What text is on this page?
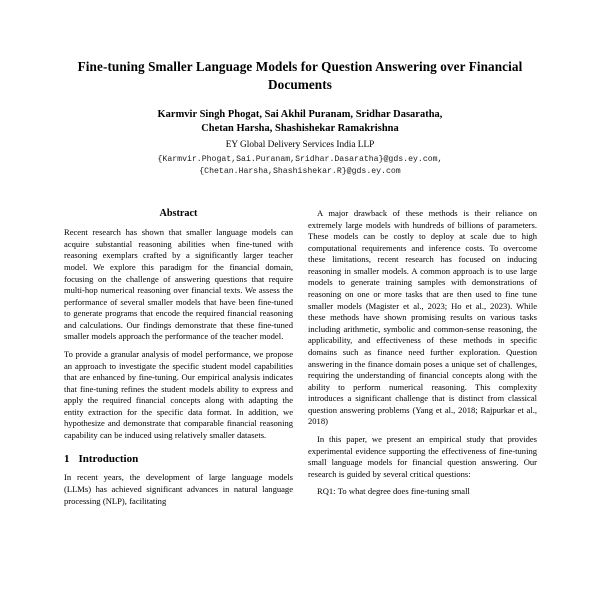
Fine-tuning Smaller Language Models for Question Answering over Financial Documents
Karmvir Singh Phogat, Sai Akhil Puranam, Sridhar Dasaratha,
Chetan Harsha, Shashishekar Ramakrishna
EY Global Delivery Services India LLP
{Karmvir.Phogat,Sai.Puranam,Sridhar.Dasaratha}@gds.ey.com,
{Chetan.Harsha,Shashishekar.R}@gds.ey.com
Abstract

Recent research has shown that smaller language models can acquire substantial reasoning abilities when fine-tuned with reasoning exemplars crafted by a significantly larger teacher model. We explore this paradigm for the financial domain, focusing on the challenge of answering questions that require multi-hop numerical reasoning over financial texts. We assess the performance of several smaller models that have been fine-tuned to generate programs that encode the required financial reasoning and calculations. Our findings demonstrate that these fine-tuned smaller models approach the performance of the teacher model.

To provide a granular analysis of model performance, we propose an approach to investigate the specific student model capabilities that are enhanced by fine-tuning. Our empirical analysis indicates that fine-tuning refines the student models ability to express and apply the required financial concepts along with adapting the entity extraction for the specific data format. In addition, we hypothesize and demonstrate that comparable financial reasoning capability can be induced using relatively smaller datasets.

1 Introduction

In recent years, the development of large language models (LLMs) has achieved significant advances in natural language processing (NLP), facilitating

A major drawback of these methods is their reliance on extremely large models with hundreds of billions of parameters. These models can be costly to deploy at scale due to high computational requirements and inference costs. To overcome these limitations, recent research has focused on inducing reasoning in smaller models. A common approach is to use large models to generate training samples with demonstrations of reasoning on one or more tasks that are then used to fine tune smaller models (Magister et al., 2023; Ho et al., 2023). While these methods have shown promising results on various tasks including arithmetic, symbolic and common-sense reasoning, the applicability, and effectiveness of these methods in specific domains such as finance need further exploration. Question answering in the finance domain poses a unique set of challenges, requiring the understanding of financial concepts along with the ability to perform numerical reasoning. This complexity introduces a significant challenge that is distinct from classical question answering problems (Yang et al., 2018; Rajpurkar et al., 2018)

In this paper, we present an empirical study that provides experimental evidence supporting the effectiveness of fine-tuning small language models for financial question answering. Our research is guided by several critical questions:

RQ1: To what degree does fine-tuning small
